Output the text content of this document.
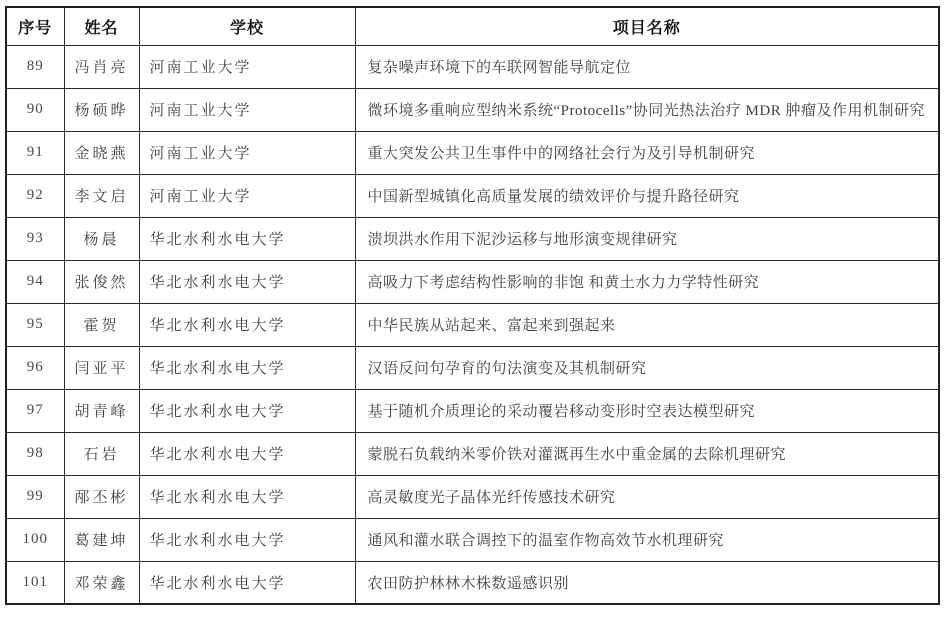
序号	姓名	学校	项目名称
89	冯肖亮	河南工业大学	复杂噪声环境下的车联网智能导航定位
90	杨硕晔	河南工业大学	微环境多重响应型纳米系统“Protocells”协同光热法治疗 MDR 肿瘤及作用机制研究
91	金晓燕	河南工业大学	重大突发公共卫生事件中的网络社会行为及引导机制研究
92	李文启	河南工业大学	中国新型城镇化高质量发展的绩效评价与提升路径研究
93	杨晨	华北水利水电大学	溃坝洪水作用下泥沙运移与地形演变规律研究
94	张俊然	华北水利水电大学	高吸力下考虑结构性影响的非饱 和黄土水力力学特性研究
95	霍贺	华北水利水电大学	中华民族从站起来、富起来到强起来
96	闫亚平	华北水利水电大学	汉语反问句孕育的句法演变及其机制研究
97	胡青峰	华北水利水电大学	基于随机介质理论的采动覆岩移动变形时空表达模型研究
98	石岩	华北水利水电大学	蒙脱石负载纳米零价铁对灌溉再生水中重金属的去除机理研究
99	邴丕彬	华北水利水电大学	高灵敏度光子晶体光纤传感技术研究
100	葛建坤	华北水利水电大学	通风和灌水联合调控下的温室作物高效节水机理研究
101	邓荣鑫	华北水利水电大学	农田防护林林木株数遥感识别
